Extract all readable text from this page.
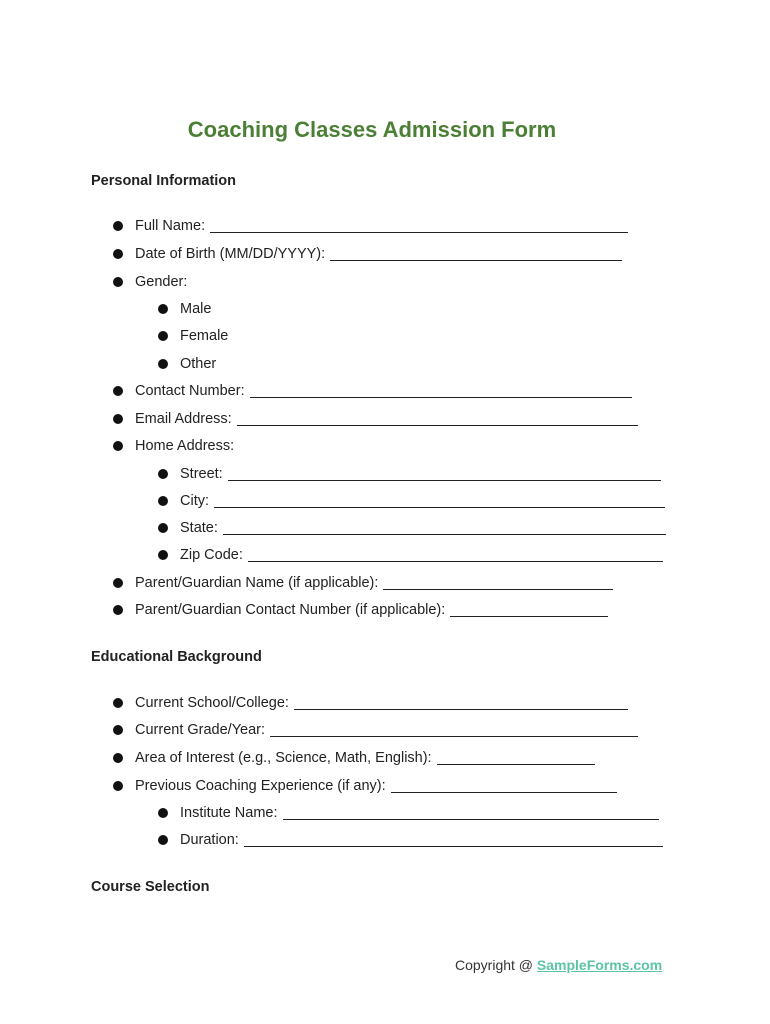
Coaching Classes Admission Form
Personal Information
Full Name:
Date of Birth (MM/DD/YYYY):
Gender:
Male
Female
Other
Contact Number:
Email Address:
Home Address:
Street:
City:
State:
Zip Code:
Parent/Guardian Name (if applicable):
Parent/Guardian Contact Number (if applicable):
Educational Background
Current School/College:
Current Grade/Year:
Area of Interest (e.g., Science, Math, English):
Previous Coaching Experience (if any):
Institute Name:
Duration:
Course Selection
Copyright @ SampleForms.com
